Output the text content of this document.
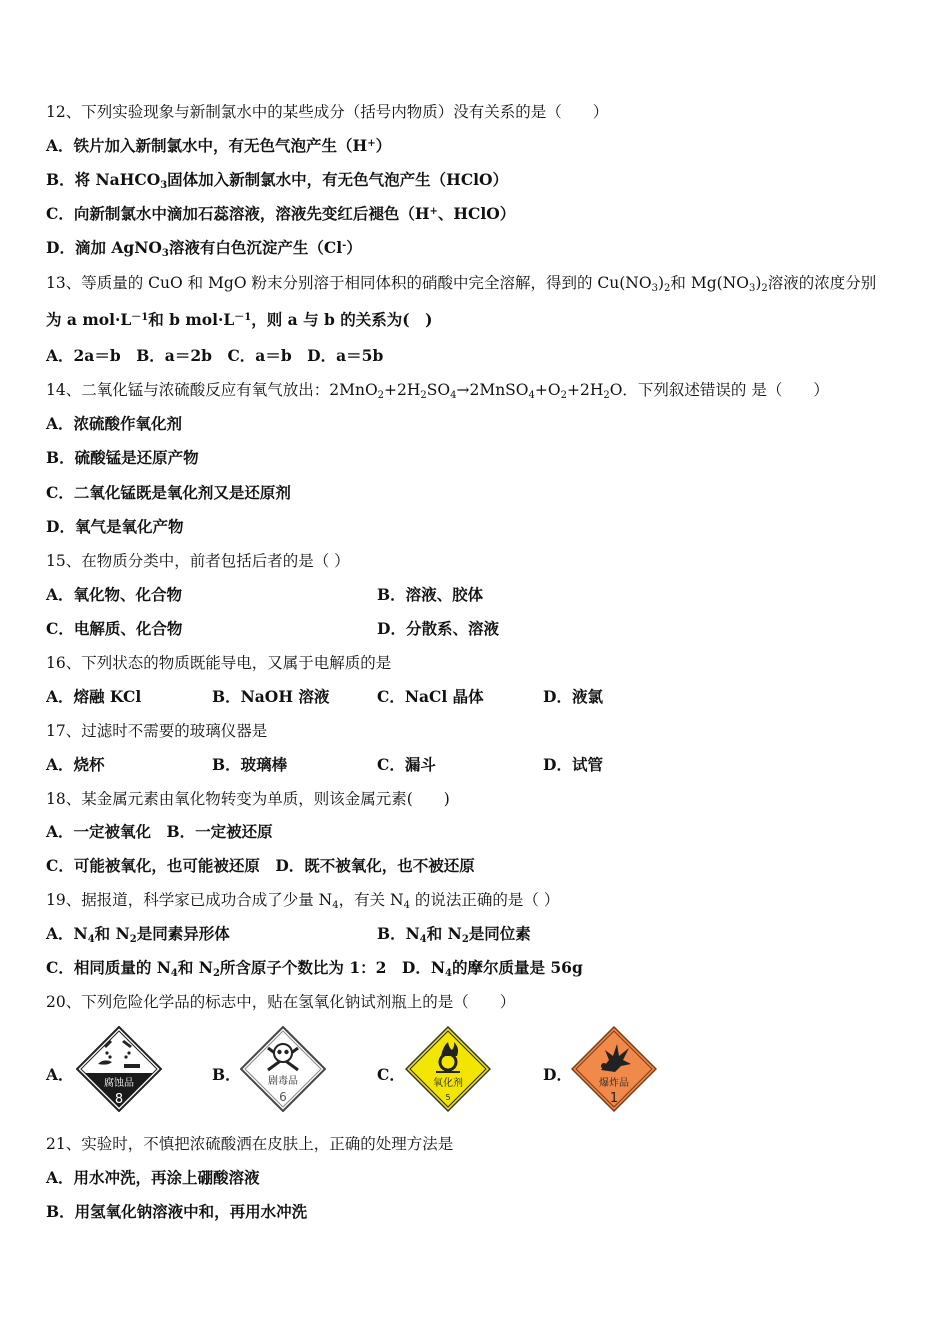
12、下列实验现象与新制氯水中的某些成分（括号内物质）没有关系的是（　　）
A．铁片加入新制氯水中，有无色气泡产生（H+）
B．将 NaHCO$_3$固体加入新制氯水中，有无色气泡产生（HClO）
C．向新制氯水中滴加石蕊溶液，溶液先变红后褪色（H+、HClO）
D．滴加 AgNO$_3$溶液有白色沉淀产生（Cl-）
13、等质量的 CuO 和 MgO 粉末分别溶于相同体积的硝酸中完全溶解，得到的 $Cu(NO_3)_2$和 $Mg(NO_3)_2$溶液的浓度分别
为 a $mol\cdot L^{-1}$和 b $mol\cdot L^{-1}$，则 a 与 b 的关系为(　)
A．2a＝b　B．a＝2b　C．a＝b　D．a＝5b
14、二氧化锰与浓硫酸反应有氧气放出：$2MnO_2+2H_2SO_4\to 2MnSO_4+O_2+2H_2O$．下列叙述错误的 是（　　）
A．浓硫酸作氧化剂
B．硫酸锰是还原产物
C．二氧化锰既是氧化剂又是还原剂
D．氧气是氧化产物
15、在物质分类中，前者包括后者的是（ ）
A．氧化物、化合物	B．溶液、胶体
C．电解质、化合物	D．分散系、溶液
16、下列状态的物质既能导电，又属于电解质的是
A．熔融 KCl	B．NaOH 溶液	C．NaCl 晶体	D．液氯
17、过滤时不需要的玻璃仪器是
A．烧杯	B．玻璃棒	C．漏斗	D．试管
18、某金属元素由氧化物转变为单质，则该金属元素(　　)
A．一定被氧化　B．一定被还原
C．可能被氧化，也可能被还原　D．既不被氧化，也不被还原
19、据报道，科学家已成功合成了少量 $N_4$，有关 $N_4$ 的说法正确的是（ ）
A．$N_4$和 $N_2$是同素异形体	B．$N_4$和 $N_2$是同位素
C．相同质量的 $N_4$和 $N_2$所含原子个数比为 1：2　 D．$N_4$的摩尔质量是 56g
20、下列危险化学品的标志中，贴在氢氧化钠试剂瓶上的是（　　）
A．	腐蚀品
8
B．	剧毒品
6
C．	氧化剂
5
D．	爆炸品
1
21、实验时，不慎把浓硫酸洒在皮肤上，正确的处理方法是
A．用水冲洗，再涂上硼酸溶液
B．用氢氧化钠溶液中和，再用水冲洗
